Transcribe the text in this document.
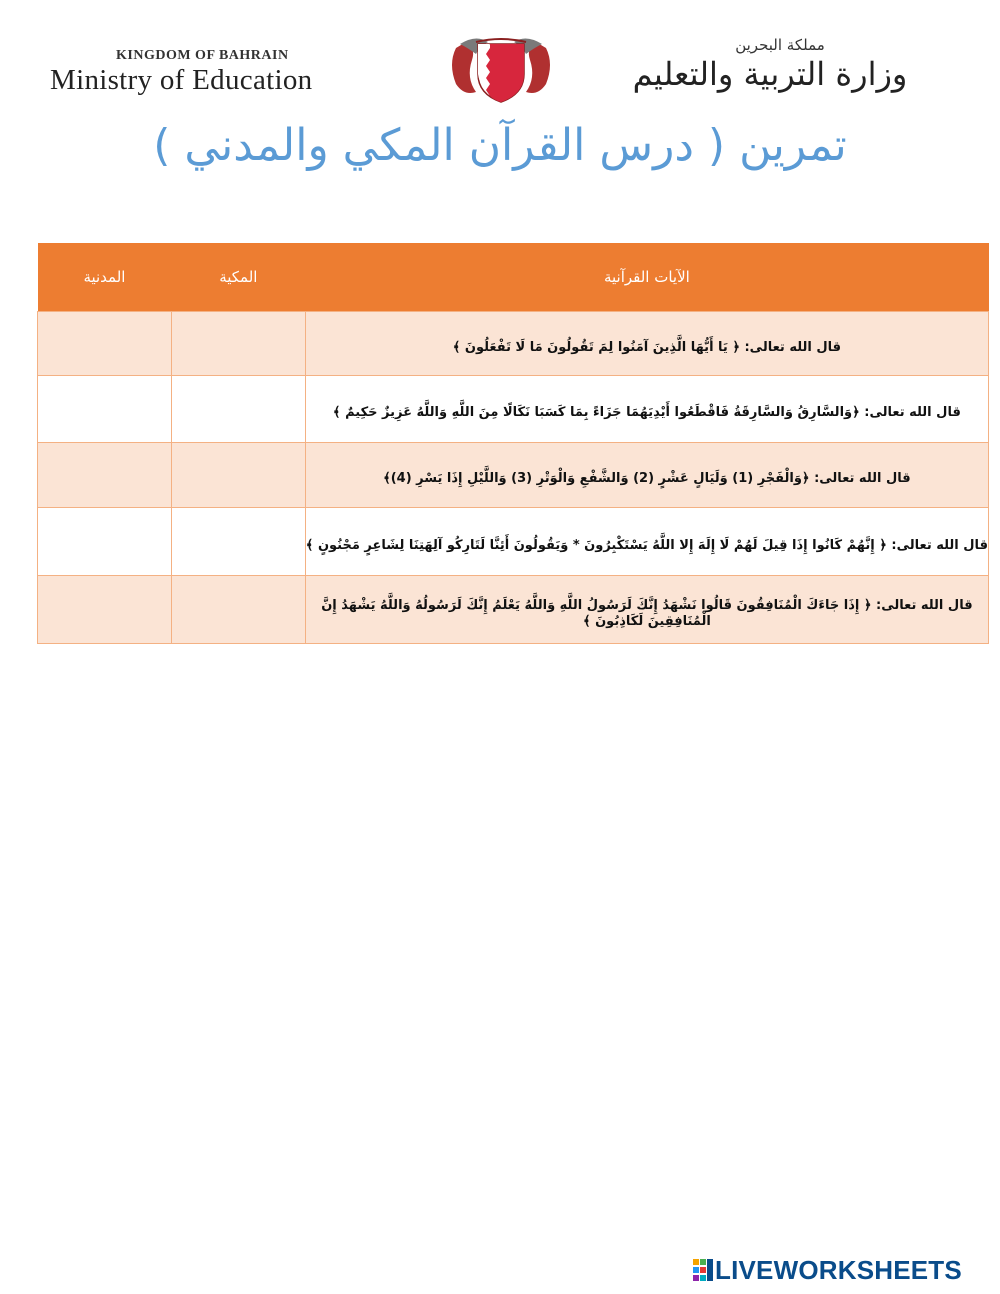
KINGDOM OF BAHRAIN
Ministry of Education
مملكة البحرين
وزارة التربية والتعليم
تمرين ( درس القرآن المكي والمدني )
الآيات القرآنية	المكية	المدنية

قال الله تعالى: ﴿ يَا أَيُّهَا الَّذِينَ آمَنُوا لِمَ تَقُولُونَ مَا لَا تَفْعَلُونَ ﴾		

قال الله تعالى: ﴿وَالسَّارِقُ وَالسَّارِقَةُ فَاقْطَعُوا أَيْدِيَهُمَا جَزَاءً بِمَا كَسَبَا نَكَالًا مِنَ اللَّهِ وَاللَّهُ عَزِيزٌ حَكِيمٌ ﴾		

قال الله تعالى: ﴿وَالْفَجْرِ (1) وَلَيَالٍ عَشْرٍ (2) وَالشَّفْعِ وَالْوَتْرِ (3) وَاللَّيْلِ إِذَا يَسْرِ (4)﴾		

قال الله تعالى: ﴿ إِنَّهُمْ كَانُوا إِذَا قِيلَ لَهُمْ لَا إِلَهَ إِلا اللَّهُ يَسْتَكْبِرُونَ * وَيَقُولُونَ أَئِنَّا لَتَارِكُو آلِهَتِنَا لِشَاعِرٍ مَجْنُونٍ ﴾		

قال الله تعالى: ﴿ إِذَا جَاءَكَ الْمُنَافِقُونَ قَالُوا نَشْهَدُ إِنَّكَ لَرَسُولُ اللَّهِ وَاللَّهُ يَعْلَمُ إِنَّكَ لَرَسُولُهُ وَاللَّهُ يَشْهَدُ إِنَّ الْمُنَافِقِينَ لَكَاذِبُونَ ﴾		

LIVEWORKSHEETS
